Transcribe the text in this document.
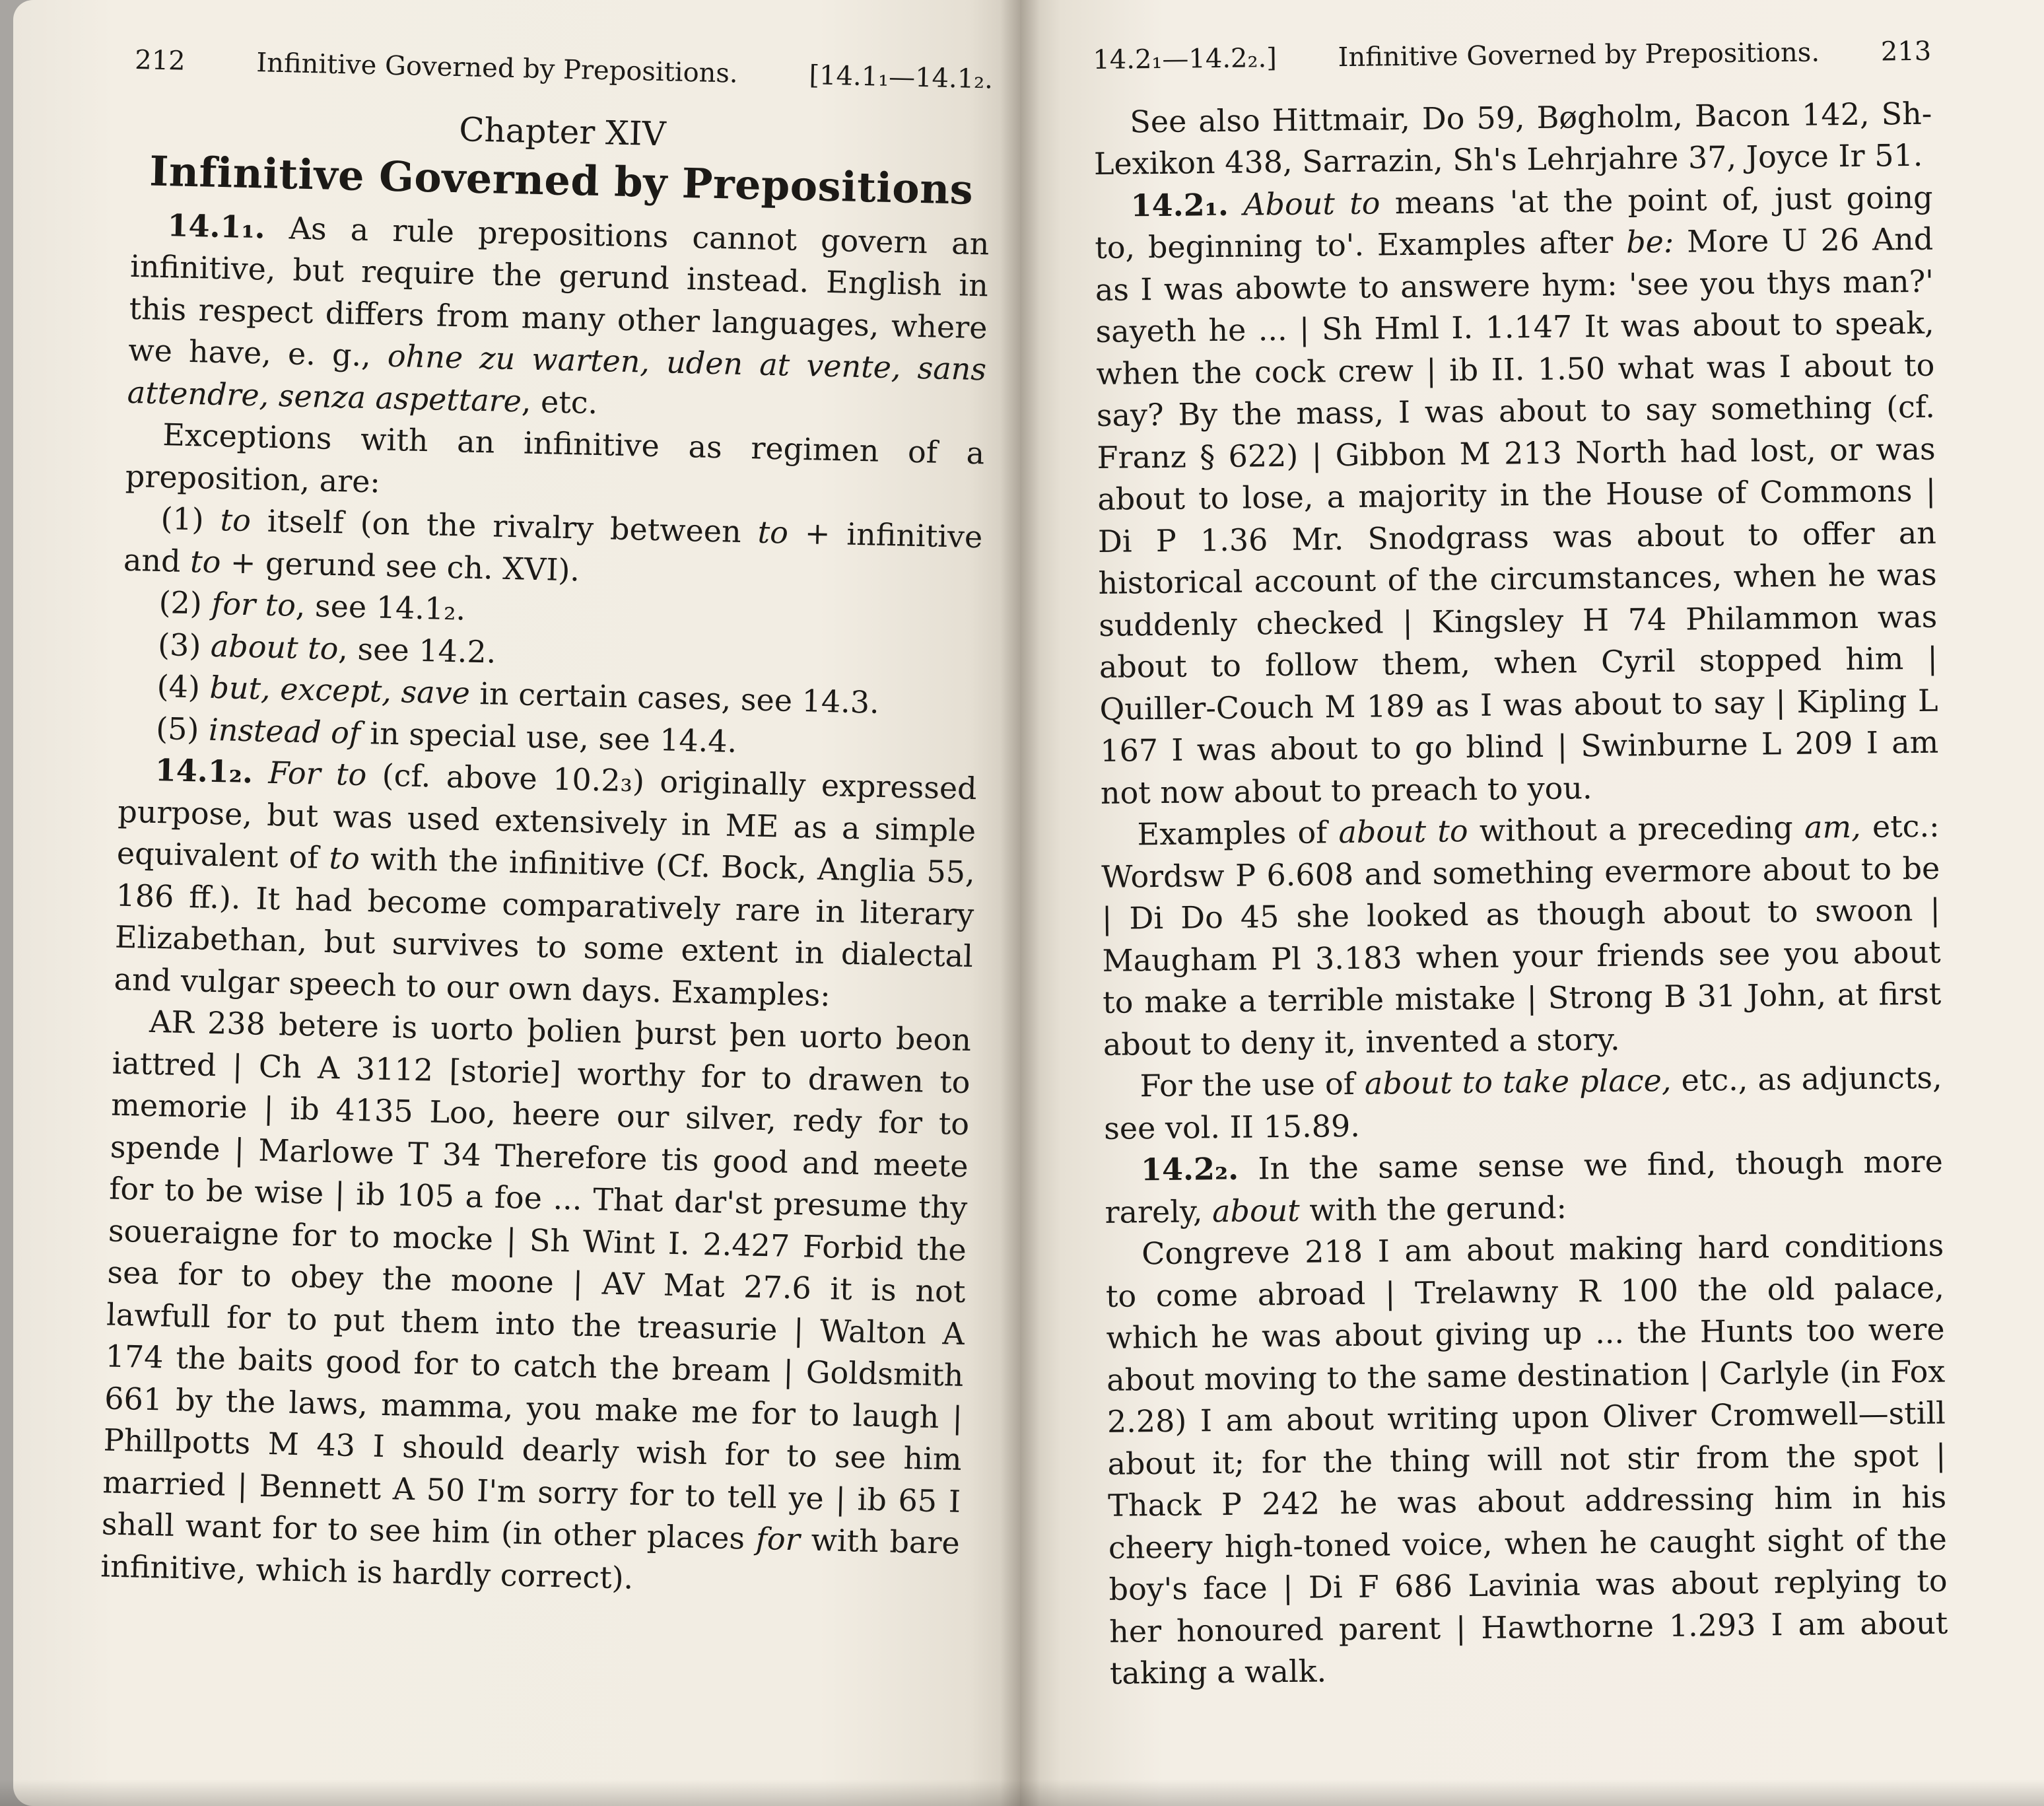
212	Infinitive Governed by Prepositions.	[14.1₁—14.1₂.
Chapter XIV
Infinitive Governed by Prepositions

14.1₁. As a rule prepositions cannot govern an infinitive, but require the gerund instead. English in this respect differs from many other languages, where we have, e. g., ohne zu warten, uden at vente, sans attendre, senza aspettare, etc.

Exceptions with an infinitive as regimen of a preposition, are:

(1) to itself (on the rivalry between to + infinitive and to + gerund see ch. XVI).

(2) for to, see 14.1₂.

(3) about to, see 14.2.

(4) but, except, save in certain cases, see 14.3.

(5) instead of in special use, see 14.4.

14.1₂. For to (cf. above 10.2₃) originally expressed purpose, but was used extensively in ME as a simple equivalent of to with the infinitive (Cf. Bock, Anglia 55, 186 ff.). It had become comparatively rare in literary Elizabethan, but survives to some extent in dialectal and vulgar speech to our own days. Examples:

AR 238 betere is uorto þolien þurst þen uorto beon iattred | Ch A 3112 [storie] worthy for to drawen to memorie | ib 4135 Loo, heere our silver, redy for to spende | Marlowe T 34 Therefore tis good and meete for to be wise | ib 105 a foe ... That dar'st presume thy soueraigne for to mocke | Sh Wint I. 2.427 Forbid the sea for to obey the moone | AV Mat 27.6 it is not lawfull for to put them into the treasurie | Walton A 174 the baits good for to catch the bream | Goldsmith 661 by the laws, mamma, you make me for to laugh | Phillpotts M 43 I should dearly wish for to see him married | Bennett A 50 I'm sorry for to tell ye | ib 65 I shall want for to see him (in other places for with bare infinitive, which is hardly correct).

14.2₁—14.2₂.] Infinitive Governed by Prepositions. 213

See also Hittmair, Do 59, Bøgholm, Bacon 142, Sh-Lexikon 438, Sarrazin, Sh's Lehrjahre 37, Joyce Ir 51.

14.2₁. About to means 'at the point of, just going to, beginning to'. Examples after be: More U 26 And as I was abowte to answere hym: 'see you thys man?' sayeth he ... | Sh Hml I. 1.147 It was about to speak, when the cock crew | ib II. 1.50 what was I about to say? By the mass, I was about to say something (cf. Franz § 622) | Gibbon M 213 North had lost, or was about to lose, a majority in the House of Commons | Di P 1.36 Mr. Snodgrass was about to offer an historical account of the circumstances, when he was suddenly checked | Kingsley H 74 Philammon was about to follow them, when Cyril stopped him | Quiller-Couch M 189 as I was about to say | Kipling L 167 I was about to go blind | Swinburne L 209 I am not now about to preach to you.

Examples of about to without a preceding am, etc.: Wordsw P 6.608 and something evermore about to be | Di Do 45 she looked as though about to swoon | Maugham Pl 3.183 when your friends see you about to make a terrible mistake | Strong B 31 John, at first about to deny it, invented a story.

For the use of about to take place, etc., as adjuncts, see vol. II 15.89.

14.2₂. In the same sense we find, though more rarely, about with the gerund:

Congreve 218 I am about making hard conditions to come abroad | Trelawny R 100 the old palace, which he was about giving up ... the Hunts too were about moving to the same destination | Carlyle (in Fox 2.28) I am about writing upon Oliver Cromwell—still about it; for the thing will not stir from the spot | Thack P 242 he was about addressing him in his cheery high-toned voice, when he caught sight of the boy's face | Di F 686 Lavinia was about replying to her honoured parent | Hawthorne 1.293 I am about taking a walk.
